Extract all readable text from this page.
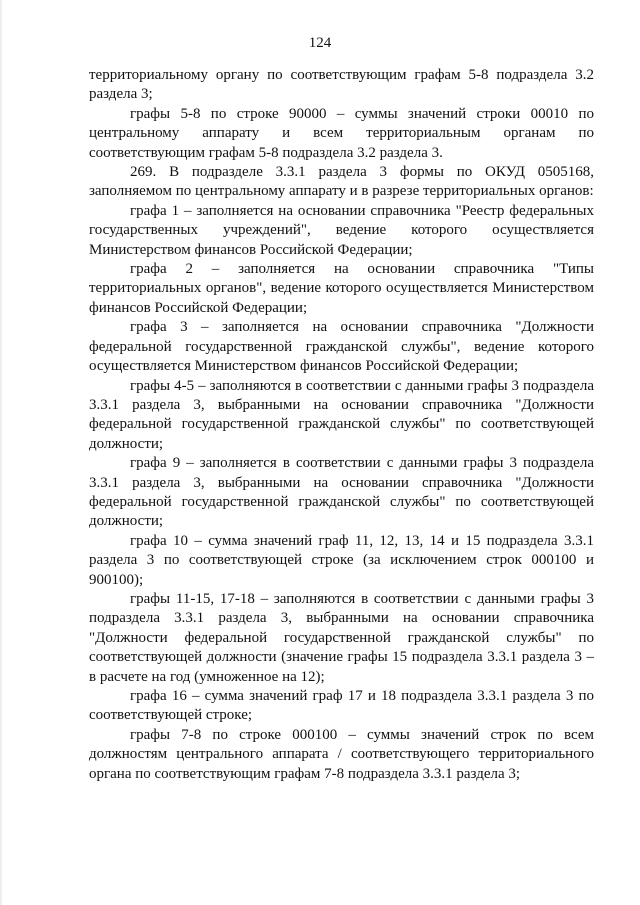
124

территориальному органу по соответствующим графам 5-8 подраздела 3.2 раздела 3;

графы 5-8 по строке 90000 – суммы значений строки 00010 по центральному аппарату и всем территориальным органам по соответствующим графам 5-8 подраздела 3.2 раздела 3.

269. В подразделе 3.3.1 раздела 3 формы по ОКУД 0505168, заполняемом по центральному аппарату и в разрезе территориальных органов:

графа 1 – заполняется на основании справочника "Реестр федеральных государственных учреждений", ведение которого осуществляется Министерством финансов Российской Федерации;

графа 2 – заполняется на основании справочника "Типы территориальных органов", ведение которого осуществляется Министерством финансов Российской Федерации;

графа 3 – заполняется на основании справочника "Должности федеральной государственной гражданской службы", ведение которого осуществляется Министерством финансов Российской Федерации;

графы 4-5 – заполняются в соответствии с данными графы 3 подраздела 3.3.1 раздела 3, выбранными на основании справочника "Должности федеральной государственной гражданской службы" по соответствующей должности;

графа 9 – заполняется в соответствии с данными графы 3 подраздела 3.3.1 раздела 3, выбранными на основании справочника "Должности федеральной государственной гражданской службы" по соответствующей должности;

графа 10 – сумма значений граф 11, 12, 13, 14 и 15 подраздела 3.3.1 раздела 3 по соответствующей строке (за исключением строк 000100 и 900100);

графы 11-15, 17-18 – заполняются в соответствии с данными графы 3 подраздела 3.3.1 раздела 3, выбранными на основании справочника "Должности федеральной государственной гражданской службы" по соответствующей должности (значение графы 15 подраздела 3.3.1 раздела 3 – в расчете на год (умноженное на 12);

графа 16 – сумма значений граф 17 и 18 подраздела 3.3.1 раздела 3 по соответствующей строке;

графы 7-8 по строке 000100 – суммы значений строк по всем должностям центрального аппарата / соответствующего территориального органа по соответствующим графам 7-8 подраздела 3.3.1 раздела 3;
